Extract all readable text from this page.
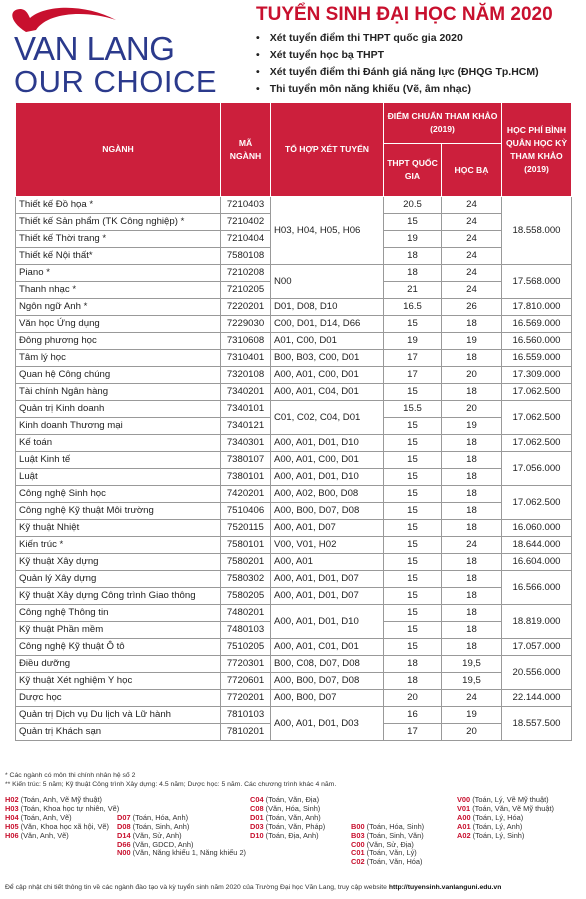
VAN LANG
OUR CHOICE
TUYỂN SINH ĐẠI HỌC NĂM 2020
• Xét tuyển điểm thi THPT quốc gia 2020
• Xét tuyển học bạ THPT
• Xét tuyển điểm thi Đánh giá năng lực (ĐHQG Tp.HCM)
• Thi tuyển môn năng khiếu (Vẽ, âm nhạc)
NGÀNH	MÃ NGÀNH	TỔ HỢP XÉT TUYỂN	ĐIỂM CHUẨN THAM KHẢO (2019)		HỌC PHÍ BÌNH QUÂN HỌC KỲ THAM KHẢO (2019)
			THPT QUỐC GIA	HỌC BẠ	
Thiết kế Đồ họa *	7210403	H03, H04, H05, H06	20.5	24	18.558.000
Thiết kế Sản phẩm (TK Công nghiệp) *	7210402		15	24	
Thiết kế Thời trang *	7210404		19	24	
Thiết kế Nội thất*	7580108		18	24	
Piano *	7210208	N00	18	24	17.568.000
Thanh nhạc *	7210205		21	24	
Ngôn ngữ Anh *	7220201	D01, D08, D10	16.5	26	17.810.000
Văn học Ứng dụng	7229030	C00, D01, D14, D66	15	18	16.569.000
Đông phương học	7310608	A01, C00, D01	19	19	16.560.000
Tâm lý học	7310401	B00, B03, C00, D01	17	18	16.559.000
Quan hệ Công chúng	7320108	A00, A01, C00, D01	17	20	17.309.000
Tài chính Ngân hàng	7340201	A00, A01, C04, D01	15	18	17.062.500
Quản trị Kinh doanh	7340101	C01, C02, C04, D01	15.5	20	17.062.500
Kinh doanh Thương mại	7340121		15	19	
Kế toán	7340301	A00, A01, D01, D10	15	18	17.062.500
Luật Kinh tế	7380107	A00, A01, C00, D01	15	18	17.056.000
Luật	7380101	A00, A01, D01, D10	15	18	
Công nghệ Sinh học	7420201	A00, A02, B00, D08	15	18	17.062.500
Công nghệ Kỹ thuật Môi trường	7510406	A00, B00, D07, D08	15	18	
Kỹ thuật Nhiệt	7520115	A00, A01, D07	15	18	16.060.000
Kiến trúc *	7580101	V00, V01, H02	15	24	18.644.000
Kỹ thuật Xây dựng	7580201	A00, A01	15	18	16.604.000
Quản lý Xây dựng	7580302	A00, A01, D01, D07	15	18	16.566.000
Kỹ thuật Xây dựng Công trình Giao thông	7580205	A00, A01, D01, D07	15	18	
Công nghệ Thông tin	7480201	A00, A01, D01, D10	15	18	18.819.000
Kỹ thuật Phần mềm	7480103		15	18	
Công nghệ Kỹ thuật Ô tô	7510205	A00, A01, C01, D01	15	18	17.057.000
Điều dưỡng	7720301	B00, C08, D07, D08	18	19,5	20.556.000
Kỹ thuật Xét nghiệm Y học	7720601	A00, B00, D07, D08	18	19,5	
Dược học	7720201	A00, B00, D07	20	24	22.144.000
Quản trị Dịch vụ Du lịch và Lữ hành	7810103	A00, A01, D01, D03	16	19	18.557.500
Quản trị Khách sạn	7810201		17	20	
* Các ngành có môn thi chính nhân hệ số 2
** Kiến trúc: 5 năm; Kỹ thuật Công trình Xây dựng: 4.5 năm; Dược học: 5 năm. Các chương trình khác 4 năm.
H02 (Toán, Anh, Vẽ Mỹ thuật)
H03 (Toán, Khoa học tự nhiên, Vẽ)
H04 (Toán, Anh, Vẽ)
H05 (Văn, Khoa học xã hội, Vẽ)
H06 (Văn, Anh, Vẽ)
D07 (Toán, Hóa, Anh)
D08 (Toán, Sinh, Anh)
D14 (Văn, Sử, Anh)
D66 (Văn, GDCD, Anh)
N00 (Văn, Năng khiếu 1, Năng khiếu 2)
C04 (Toán, Văn, Địa)
C08 (Văn, Hóa, Sinh)
D01 (Toán, Văn, Anh)
D03 (Toán, Văn, Pháp)
D10 (Toán, Địa, Anh)
B00 (Toán, Hóa, Sinh)
B03 (Toán, Sinh, Văn)
C00 (Văn, Sử, Địa)
C01 (Toán, Văn, Lý)
C02 (Toán, Văn, Hóa)
V00 (Toán, Lý, Vẽ Mỹ thuật)
V01 (Toán, Văn, Vẽ Mỹ thuật)
A00 (Toán, Lý, Hóa)
A01 (Toán, Lý, Anh)
A02 (Toán, Lý, Sinh)
Để cập nhật chi tiết thông tin về các ngành đào tạo và kỳ tuyển sinh năm 2020 của Trường Đại học Văn Lang, truy cập website http://tuyensinh.vanlanguni.edu.vn
